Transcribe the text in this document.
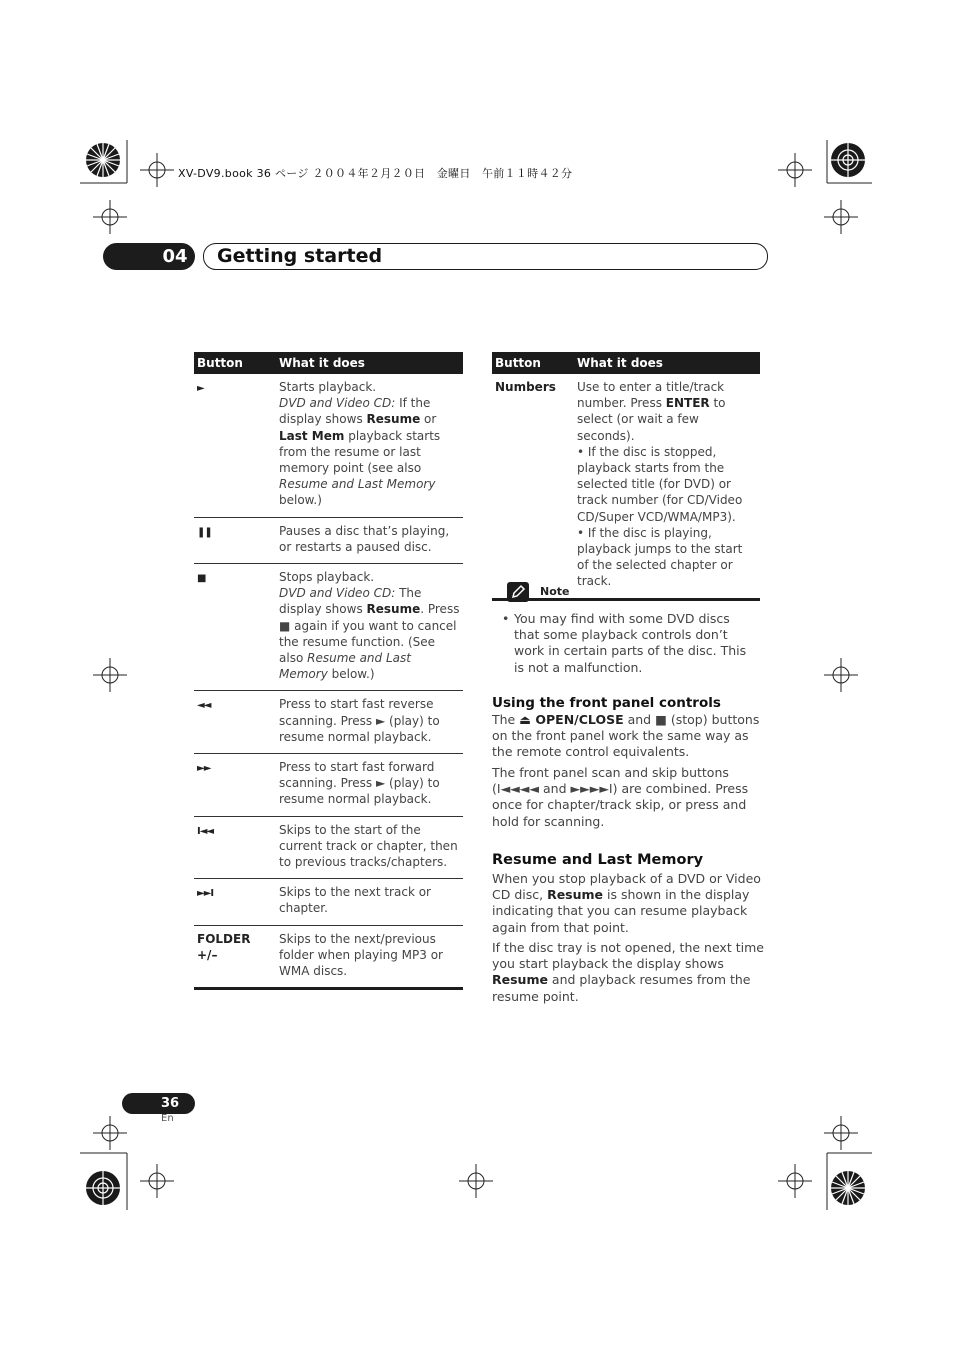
XV-DV9.book 36 ページ ２００４年２月２０日　金曜日　午前１１時４２分
04 Getting started
Button	What it does
►	Starts playback.
DVD and Video CD: If the display shows Resume or Last Mem playback starts from the resume or last memory point (see also Resume and Last Memory below.)
❚❚	Pauses a disc that’s playing, or restarts a paused disc.
■	Stops playback.
DVD and Video CD: The display shows Resume. Press ■ again if you want to cancel the resume function. (See also Resume and Last Memory below.)
◄◄	Press to start fast reverse scanning. Press ► (play) to resume normal playback.
►►	Press to start fast forward scanning. Press ► (play) to resume normal playback.
I◄◄	Skips to the start of the current track or chapter, then to previous tracks/chapters.
►►I	Skips to the next track or chapter.
FOLDER +/–	Skips to the next/previous folder when playing MP3 or WMA discs.
Button	What it does
Numbers	Use to enter a title/track number. Press ENTER to select (or wait a few seconds).
• If the disc is stopped, playback starts from the selected title (for DVD) or track number (for CD/Video CD/Super VCD/WMA/MP3).
• If the disc is playing, playback jumps to the start of the selected chapter or track.
Note
• You may find with some DVD discs that some playback controls don’t work in certain parts of the disc. This is not a malfunction.
Using the front panel controls
The ⏏ OPEN/CLOSE and ■ (stop) buttons on the front panel work the same way as the remote control equivalents.
The front panel scan and skip buttons (I◄◄◄◄ and ►►►►I) are combined. Press once for chapter/track skip, or press and hold for scanning.
Resume and Last Memory
When you stop playback of a DVD or Video CD disc, Resume is shown in the display indicating that you can resume playback again from that point.
If the disc tray is not opened, the next time you start playback the display shows Resume and playback resumes from the resume point.
36
En
